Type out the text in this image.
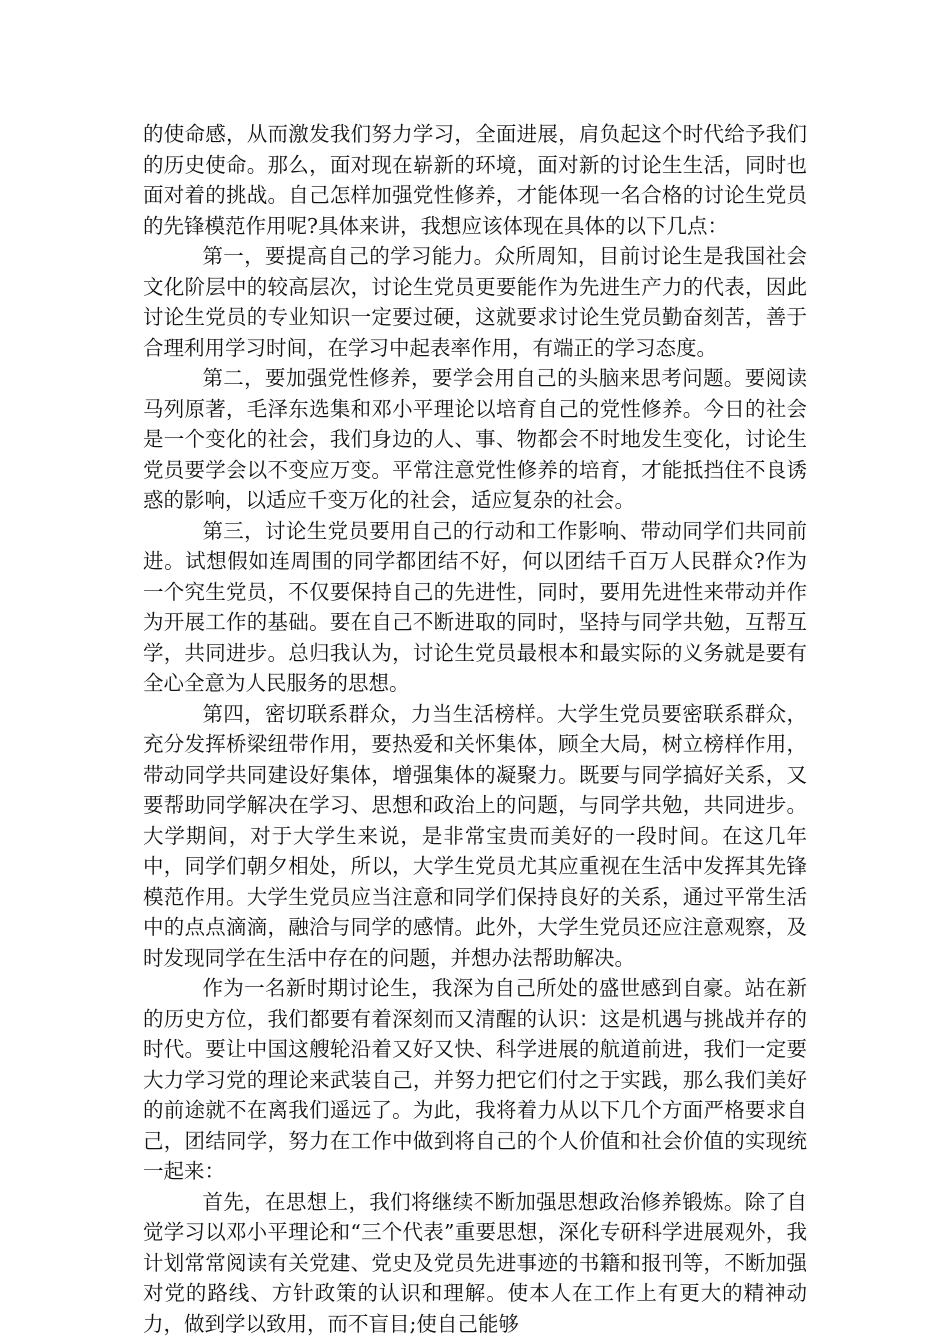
的使命感，从而激发我们努力学习，全面进展，肩负起这个时代给予我们的历史使命。那么，面对现在崭新的环境，面对新的讨论生生活，同时也面对着的挑战。自己怎样加强党性修养，才能体现一名合格的讨论生党员的先锋模范作用呢?具体来讲，我想应该体现在具体的以下几点：

第一，要提高自己的学习能力。众所周知，目前讨论生是我国社会文化阶层中的较高层次，讨论生党员更要能作为先进生产力的代表，因此讨论生党员的专业知识一定要过硬，这就要求讨论生党员勤奋刻苦，善于合理利用学习时间，在学习中起表率作用，有端正的学习态度。

第二，要加强党性修养，要学会用自己的头脑来思考问题。要阅读马列原著，毛泽东选集和邓小平理论以培育自己的党性修养。今日的社会是一个变化的社会，我们身边的人、事、物都会不时地发生变化，讨论生党员要学会以不变应万变。平常注意党性修养的培育，才能抵挡住不良诱惑的影响，以适应千变万化的社会，适应复杂的社会。

第三，讨论生党员要用自己的行动和工作影响、带动同学们共同前进。试想假如连周围的同学都团结不好，何以团结千百万人民群众?作为一个究生党员，不仅要保持自己的先进性，同时，要用先进性来带动并作为开展工作的基础。要在自己不断进取的同时，坚持与同学共勉，互帮互学，共同进步。总归我认为，讨论生党员最根本和最实际的义务就是要有全心全意为人民服务的思想。

第四，密切联系群众，力当生活榜样。大学生党员要密联系群众，充分发挥桥梁纽带作用，要热爱和关怀集体，顾全大局，树立榜样作用，带动同学共同建设好集体，增强集体的凝聚力。既要与同学搞好关系，又要帮助同学解决在学习、思想和政治上的问题，与同学共勉，共同进步。大学期间，对于大学生来说，是非常宝贵而美好的一段时间。在这几年中，同学们朝夕相处，所以，大学生党员尤其应重视在生活中发挥其先锋模范作用。大学生党员应当注意和同学们保持良好的关系，通过平常生活中的点点滴滴，融洽与同学的感情。此外，大学生党员还应注意观察，及时发现同学在生活中存在的问题，并想办法帮助解决。

作为一名新时期讨论生，我深为自己所处的盛世感到自豪。站在新的历史方位，我们都要有着深刻而又清醒的认识：这是机遇与挑战并存的时代。要让中国这艘轮沿着又好又快、科学进展的航道前进，我们一定要大力学习党的理论来武装自己，并努力把它们付之于实践，那么我们美好的前途就不在离我们遥远了。为此，我将着力从以下几个方面严格要求自己，团结同学，努力在工作中做到将自己的个人价值和社会价值的实现统一起来：

首先，在思想上，我们将继续不断加强思想政治修养锻炼。除了自觉学习以邓小平理论和“三个代表”重要思想，深化专研科学进展观外，我计划常常阅读有关党建、党史及党员先进事迹的书籍和报刊等，不断加强对党的路线、方针政策的认识和理解。使本人在工作上有更大的精神动力，做到学以致用，而不盲目;使自己能够
